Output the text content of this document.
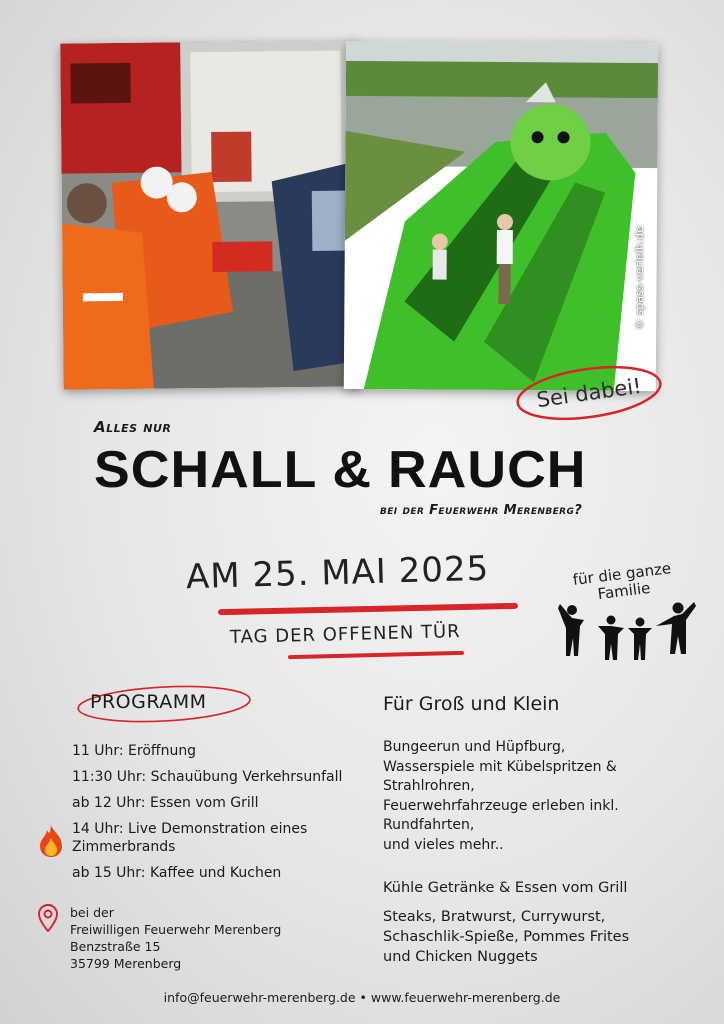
© spass-verleih.de
Sei dabei!
Alles nur
SCHALL & RAUCH
bei der Feuerwehr Merenberg?
AM 25. MAI 2025
TAG DER OFFENEN TÜR
für die ganze Familie
PROGRAMM
11 Uhr: Eröffnung
11:30 Uhr: Schauübung Verkehrsunfall
ab 12 Uhr: Essen vom Grill
14 Uhr: Live Demonstration eines
Zimmerbrands
ab 15 Uhr: Kaffee und Kuchen
bei der
Freiwilligen Feuerwehr Merenberg
Benzstraße 15
35799 Merenberg
Für Groß und Klein
Bungeerun und Hüpfburg,
Wasserspiele mit Kübelspritzen &
Strahlrohren,
Feuerwehrfahrzeuge erleben inkl.
Rundfahrten,
und vieles mehr..
Kühle Getränke & Essen vom Grill
Steaks, Bratwurst, Currywurst,
Schaschlik-Spieße, Pommes Frites
und Chicken Nuggets
info@feuerwehr-merenberg.de • www.feuerwehr-merenberg.de
